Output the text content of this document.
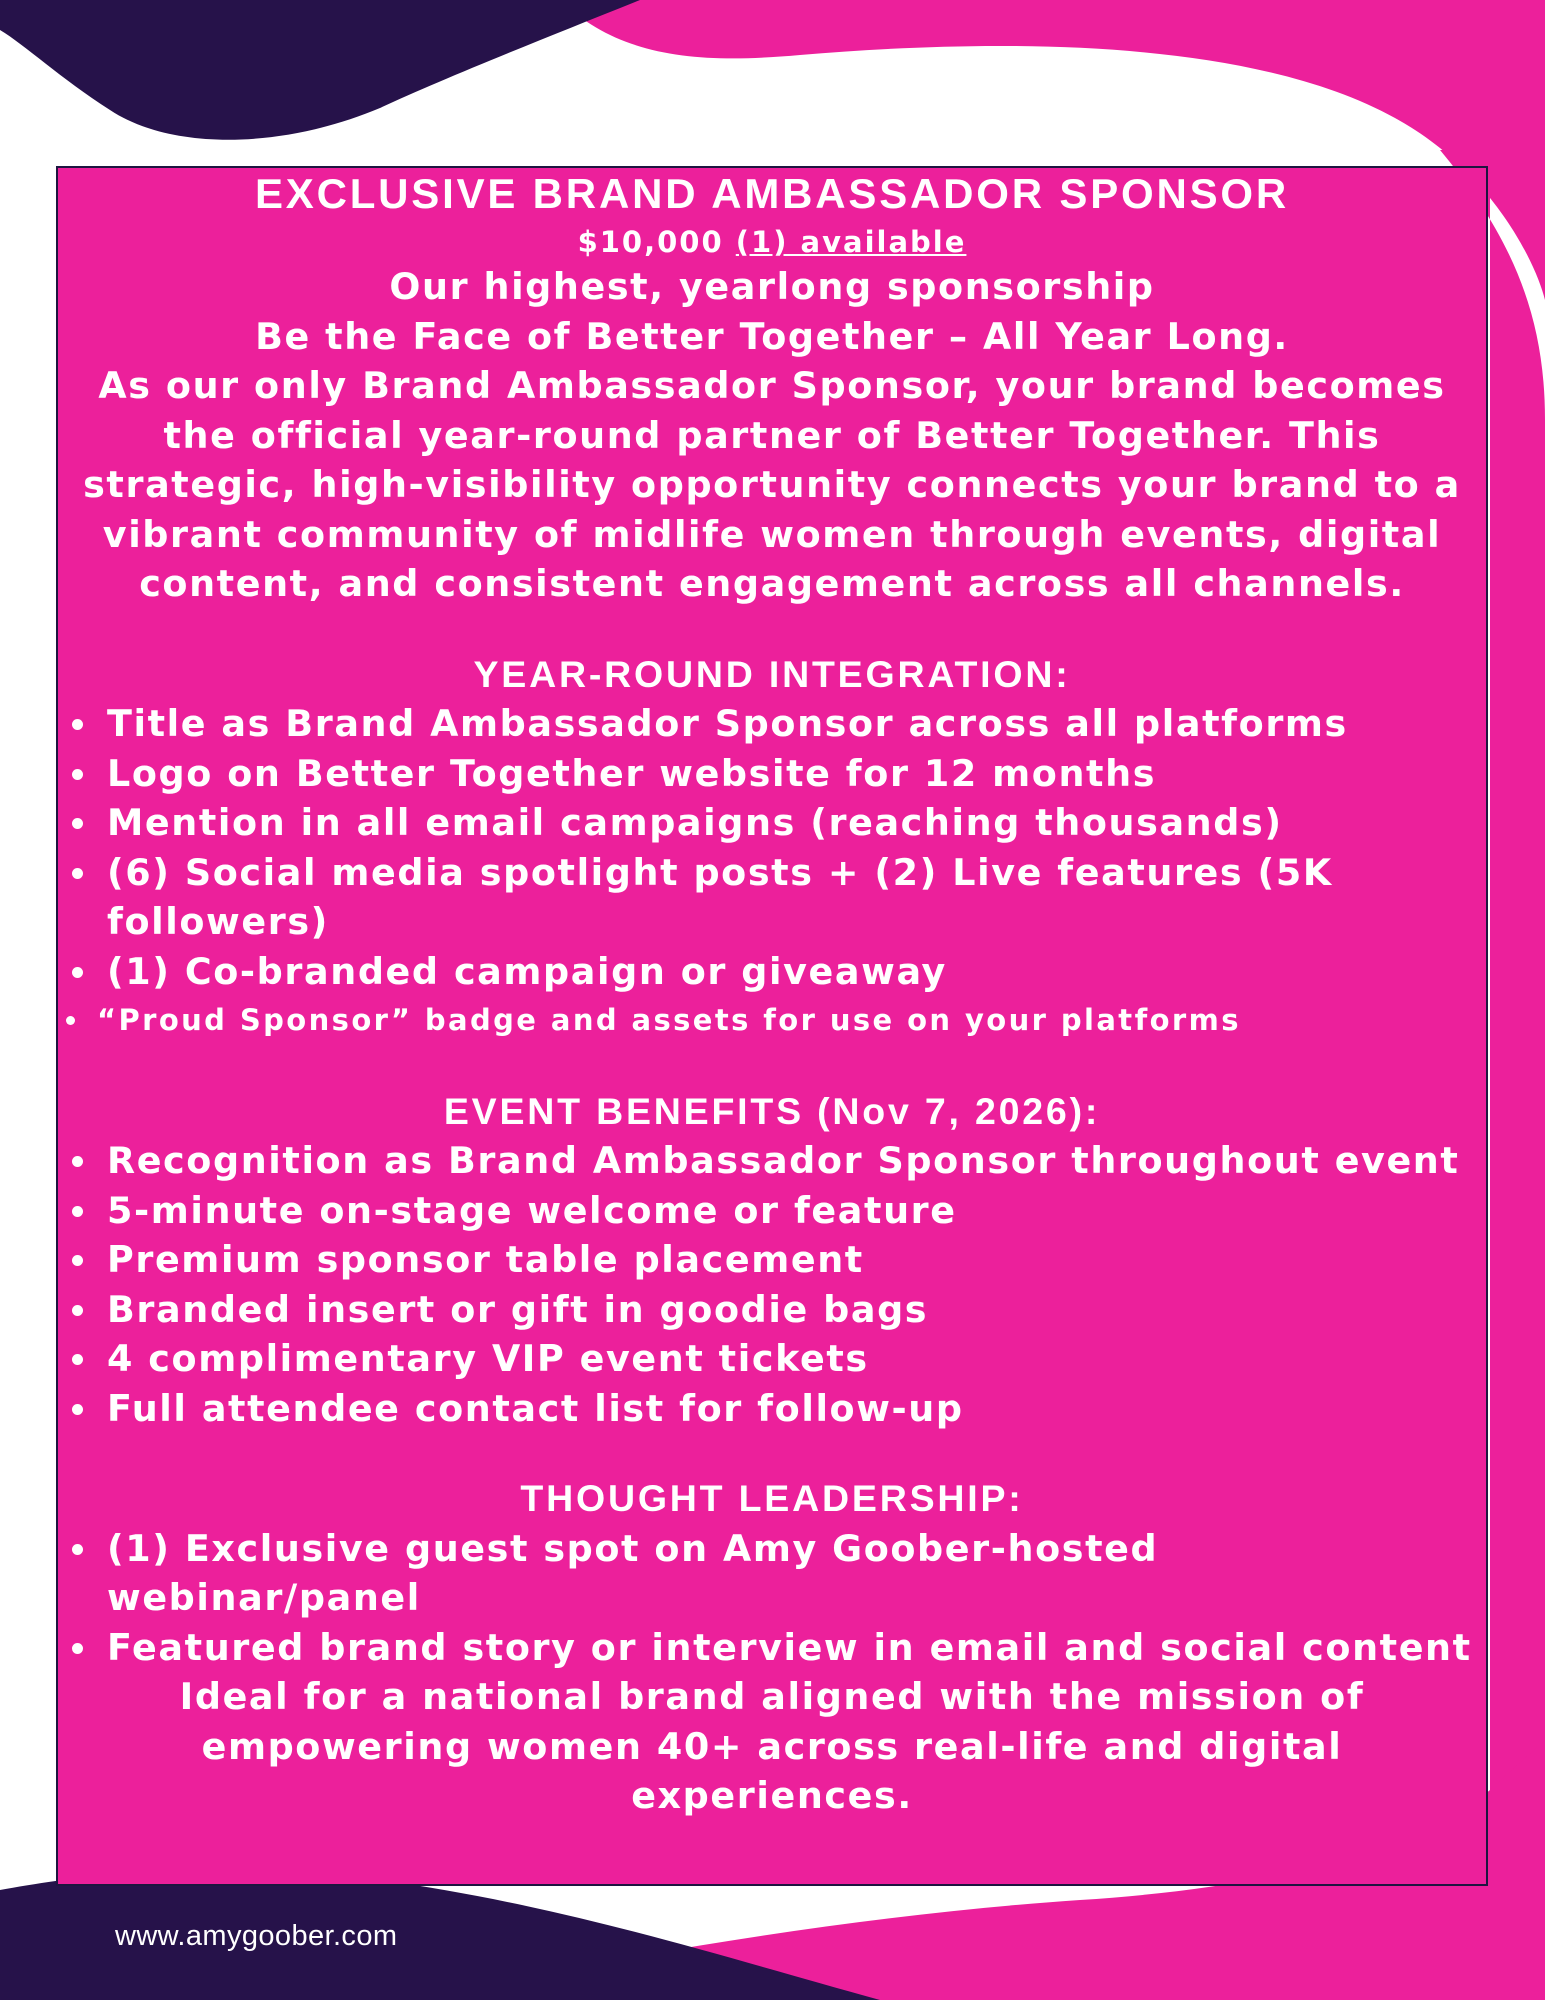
EXCLUSIVE BRAND AMBASSADOR SPONSOR
$10,000 (1) available
Our highest, yearlong sponsorship
Be the Face of Better Together – All Year Long.
As our only Brand Ambassador Sponsor, your brand becomes the official year-round partner of Better Together. This strategic, high-visibility opportunity connects your brand to a vibrant community of midlife women through events, digital content, and consistent engagement across all channels.
YEAR-ROUND INTEGRATION:
Title as Brand Ambassador Sponsor across all platforms
Logo on Better Together website for 12 months
Mention in all email campaigns (reaching thousands)
(6) Social media spotlight posts + (2) Live features (5K followers)
(1) Co-branded campaign or giveaway
“Proud Sponsor” badge and assets for use on your platforms
EVENT BENEFITS (Nov 7, 2026):
Recognition as Brand Ambassador Sponsor throughout event
5-minute on-stage welcome or feature
Premium sponsor table placement
Branded insert or gift in goodie bags
4 complimentary VIP event tickets
Full attendee contact list for follow-up
THOUGHT LEADERSHIP:
(1) Exclusive guest spot on Amy Goober-hosted webinar/panel
Featured brand story or interview in email and social content
Ideal for a national brand aligned with the mission of empowering women 40+ across real-life and digital experiences.
www.amygoober.com
